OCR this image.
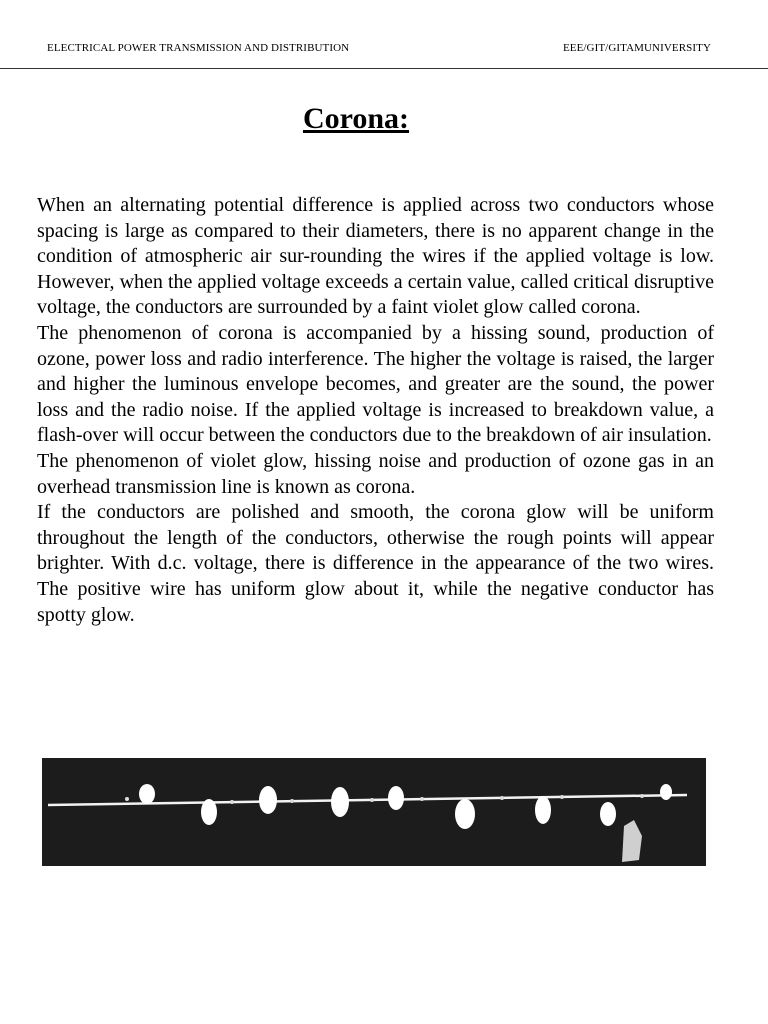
ELECTRICAL POWER TRANSMISSION AND DISTRIBUTION	EEE/GIT/GITAMUNIVERSITY
Corona:

When an alternating potential difference is applied across two conductors whose spacing is large as compared to their diameters, there is no apparent change in the condition of atmospheric air sur-rounding the wires if the applied voltage is low. However, when the applied voltage exceeds a certain value, called critical disruptive voltage, the conductors are surrounded by a faint violet glow called corona.

The phenomenon of corona is accompanied by a hissing sound, production of ozone, power loss and radio interference. The higher the voltage is raised, the larger and higher the luminous envelope becomes, and greater are the sound, the power loss and the radio noise. If the applied voltage is increased to breakdown value, a flash-over will occur between the conductors due to the breakdown of air insulation.

The phenomenon of violet glow, hissing noise and production of ozone gas in an overhead transmission line is known as corona.

If the conductors are polished and smooth, the corona glow will be uniform throughout the length of the conductors, otherwise the rough points will appear brighter. With d.c. voltage, there is difference in the appearance of the two wires. The positive wire has uniform glow about it, while the negative conductor has spotty glow.
